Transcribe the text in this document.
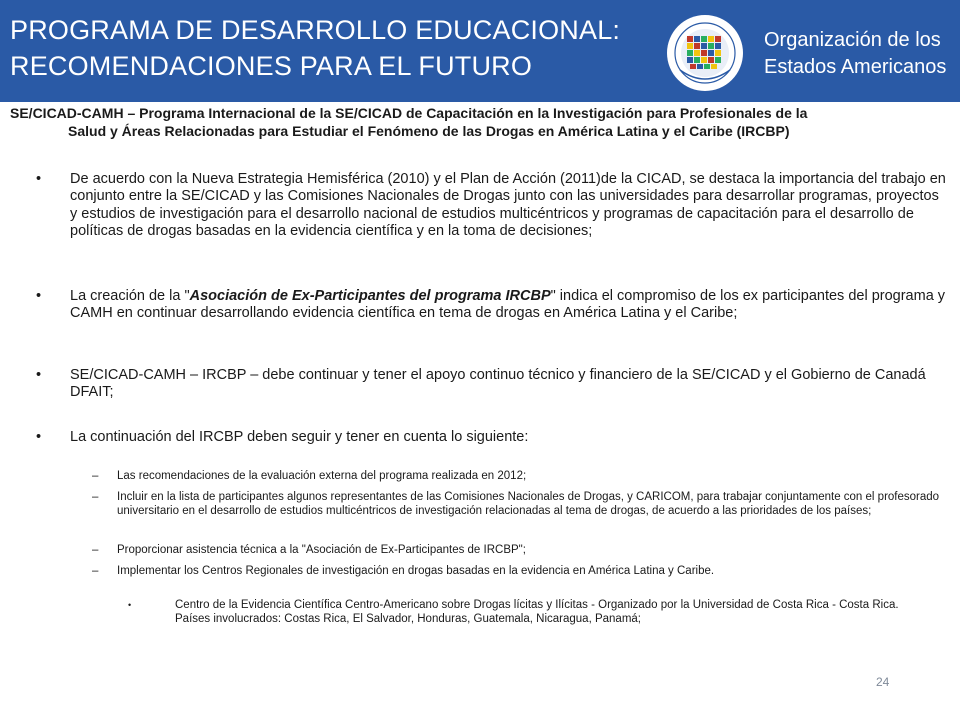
PROGRAMA DE DESARROLLO EDUCACIONAL:
RECOMENDACIONES PARA EL FUTURO
Organización de los
Estados Americanos
SE/CICAD-CAMH – Programa Internacional de la SE/CICAD de Capacitación en la Investigación para Profesionales de la
Salud y Áreas Relacionadas para Estudiar el Fenómeno de las Drogas en América Latina y el Caribe (IRCBP)
• De acuerdo con la Nueva Estrategia Hemisférica (2010) y el Plan de Acción (2011)de la CICAD, se destaca la importancia del trabajo en conjunto entre la SE/CICAD y las Comisiones Nacionales de Drogas junto con las universidades para desarrollar programas, proyectos y estudios de investigación para el desarrollo nacional de estudios multicéntricos y programas de capacitación para el desarrollo de políticas de drogas basadas en la evidencia científica y en la toma de decisiones;
• La creación de la "Asociación de Ex-Participantes del programa IRCBP" indica el compromiso de los ex participantes del programa y CAMH en continuar desarrollando evidencia científica en tema de drogas en América Latina y el Caribe;
• SE/CICAD-CAMH – IRCBP – debe continuar y tener el apoyo continuo técnico y financiero de la SE/CICAD y el Gobierno de Canadá DFAIT;
• La continuación del IRCBP deben seguir y tener en cuenta lo siguiente:
– Las recomendaciones de la evaluación externa del programa realizada en 2012;
– Incluir en la lista de participantes algunos representantes de las Comisiones Nacionales de Drogas, y CARICOM, para trabajar conjuntamente con el profesorado universitario en el desarrollo de estudios multicéntricos de investigación relacionadas al tema de drogas, de acuerdo a las prioridades de los países;
– Proporcionar asistencia técnica a la "Asociación de Ex-Participantes de IRCBP";
– Implementar los Centros Regionales de investigación en drogas basadas en la evidencia en América Latina y Caribe.
•	Centro de la Evidencia Científica Centro-Americano sobre Drogas lícitas y Ilícitas - Organizado por la Universidad de Costa Rica - Costa Rica.
Países involucrados: Costas Rica, El Salvador, Honduras, Guatemala, Nicaragua, Panamá;
24
